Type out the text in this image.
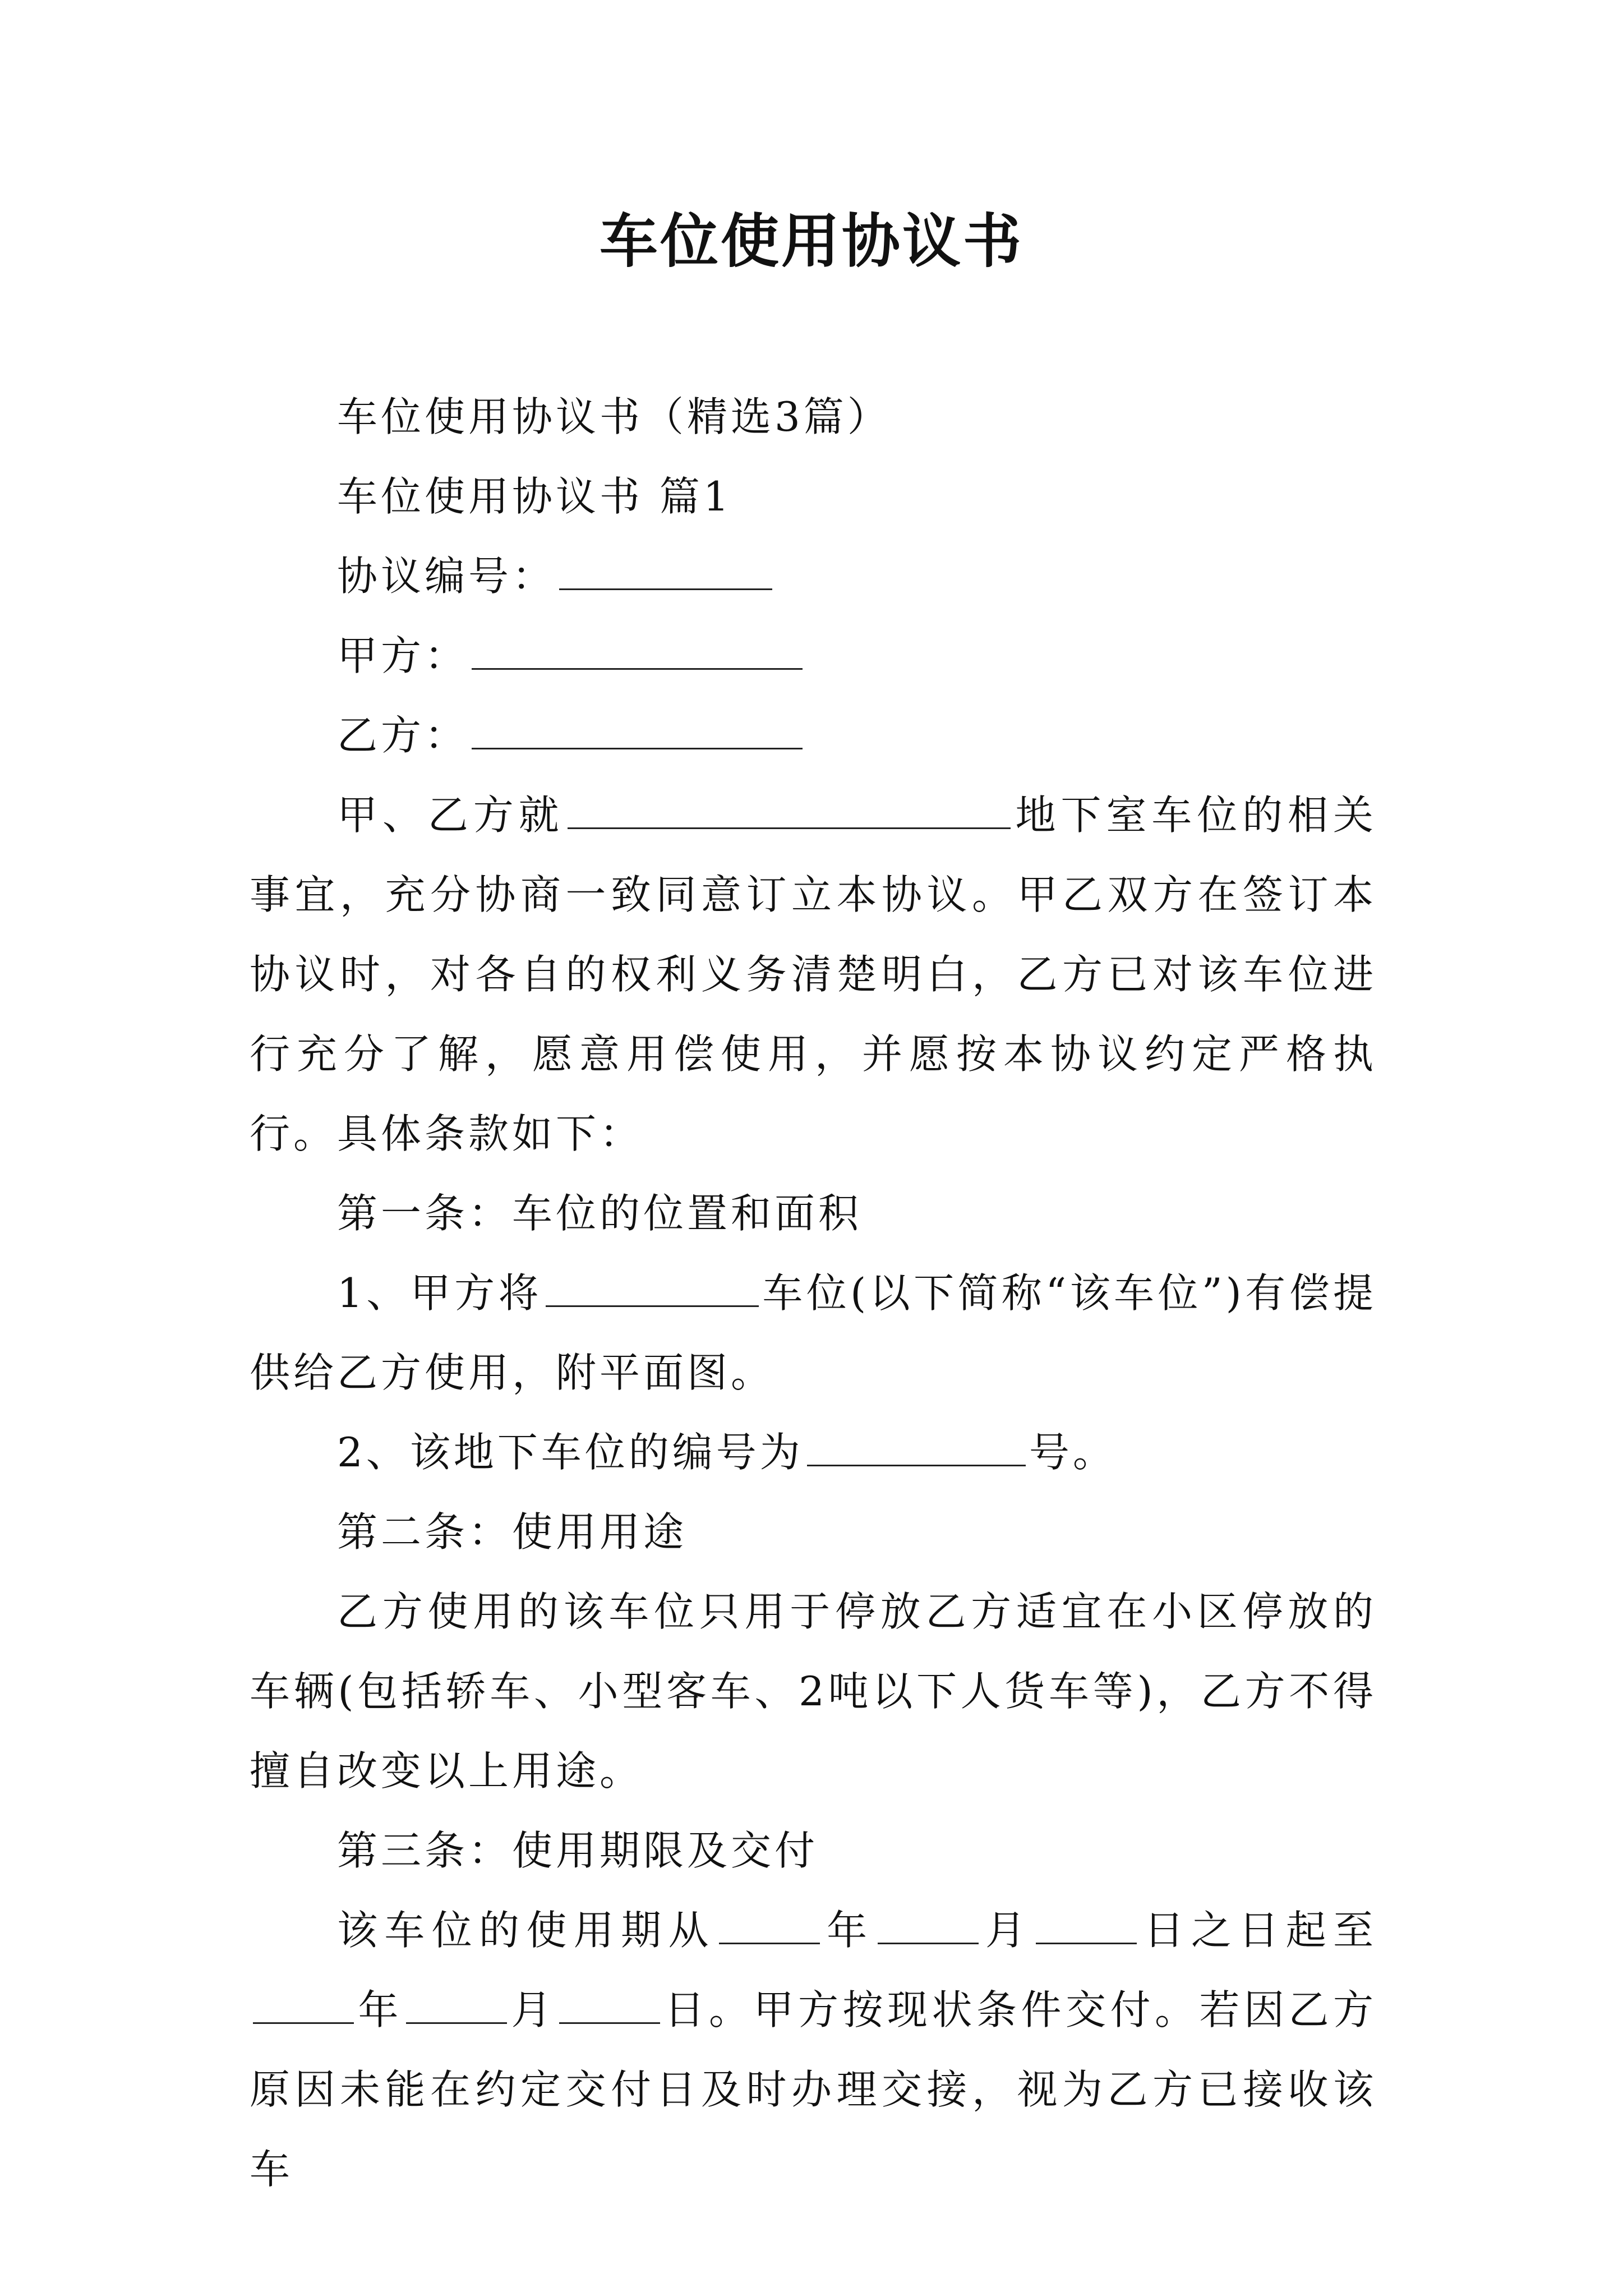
车位使用协议书

车位使用协议书（精选3篇）

车位使用协议书 篇1

协议编号：

甲方：

乙方：

甲、乙方就	地下室车位的相关事宜，充分协商一致同意订立本协议。甲乙双方在签订本协议时，对各自的权利义务清楚明白，乙方已对该车位进行充分了解，愿意用偿使用，并愿按本协议约定严格执行。具体条款如下：

第一条：车位的位置和面积

1、甲方将	车位(以下简称“该车位”)有偿提供给乙方使用，附平面图。

2、该地下车位的编号为	号。

第二条：使用用途

乙方使用的该车位只用于停放乙方适宜在小区停放的车辆(包括轿车、小型客车、2吨以下人货车等)，乙方不得擅自改变以上用途。

第三条：使用期限及交付

该车位的使用期从	年	月	日之日起至年	月	日。甲方按现状条件交付。若因乙方原因未能在约定交付日及时办理交接，视为乙方已接收该车
